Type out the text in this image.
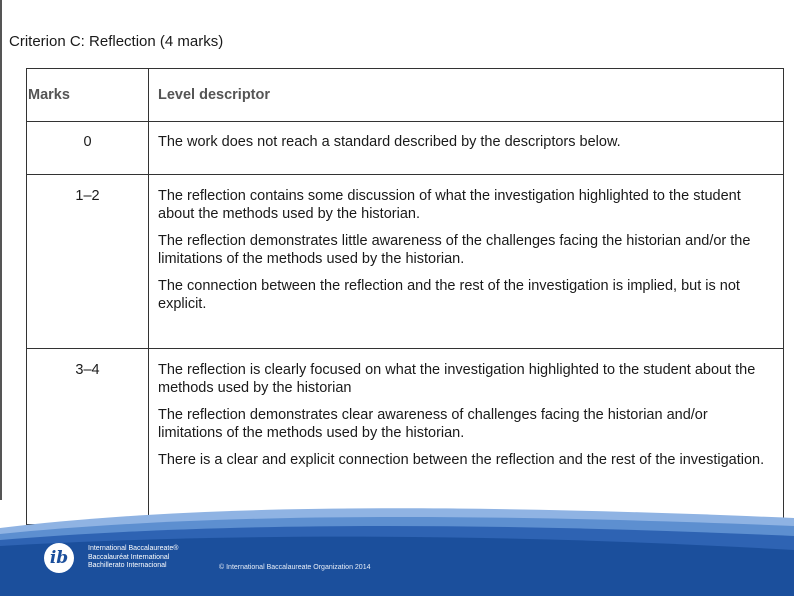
Criterion C: Reflection (4 marks)
Marks	Level descriptor
0	The work does not reach a standard described by the descriptors below.

1–2	The reflection contains some discussion of what the investigation highlighted to the student about the methods used by the historian.

The reflection demonstrates little awareness of the challenges facing the historian and/or the limitations of the methods used by the historian.

The connection between the reflection and the rest of the investigation is implied, but is not explicit.

3–4	The reflection is clearly focused on what the investigation highlighted to the student about the methods used by the historian

The reflection demonstrates clear awareness of challenges facing the historian and/or limitations of the methods used by the historian.

There is a clear and explicit connection between the reflection and the rest of the investigation.

ib	International Baccalaureate®
Baccalauréat International
Bachillerato Internacional	© International Baccalaureate Organization 2014
